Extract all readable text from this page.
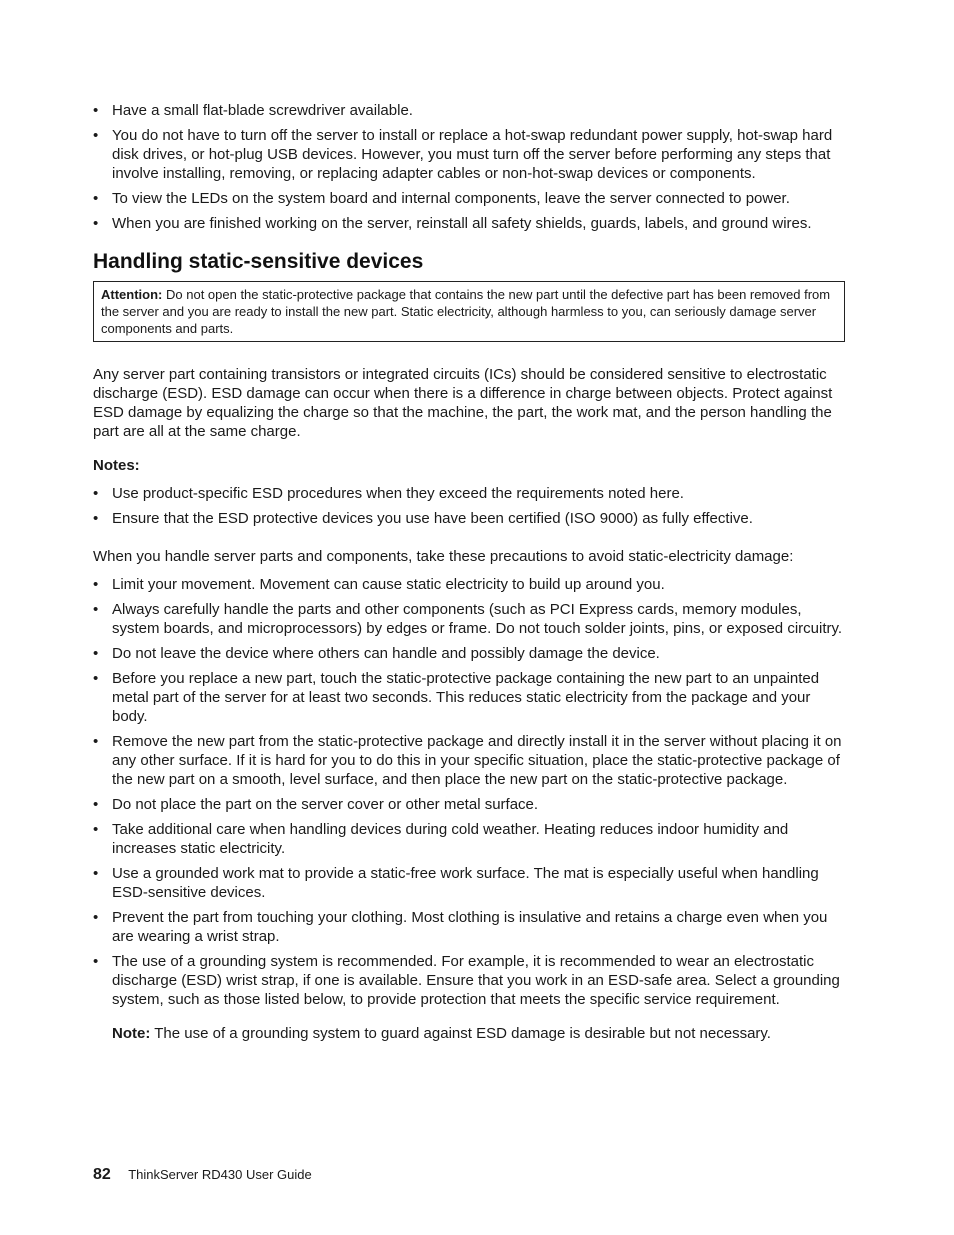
• Have a small flat-blade screwdriver available.
• You do not have to turn off the server to install or replace a hot-swap redundant power supply, hot-swap hard disk drives, or hot-plug USB devices. However, you must turn off the server before performing any steps that involve installing, removing, or replacing adapter cables or non-hot-swap devices or components.
• To view the LEDs on the system board and internal components, leave the server connected to power.
• When you are finished working on the server, reinstall all safety shields, guards, labels, and ground wires.
Handling static-sensitive devices
Attention: Do not open the static-protective package that contains the new part until the defective part has been removed from the server and you are ready to install the new part. Static electricity, although harmless to you, can seriously damage server components and parts.

Any server part containing transistors or integrated circuits (ICs) should be considered sensitive to electrostatic discharge (ESD). ESD damage can occur when there is a difference in charge between objects. Protect against ESD damage by equalizing the charge so that the machine, the part, the work mat, and the person handling the part are all at the same charge.

Notes:
• Use product-specific ESD procedures when they exceed the requirements noted here.
• Ensure that the ESD protective devices you use have been certified (ISO 9000) as fully effective.

When you handle server parts and components, take these precautions to avoid static-electricity damage:

• Limit your movement. Movement can cause static electricity to build up around you.
• Always carefully handle the parts and other components (such as PCI Express cards, memory modules, system boards, and microprocessors) by edges or frame. Do not touch solder joints, pins, or exposed circuitry.
• Do not leave the device where others can handle and possibly damage the device.
• Before you replace a new part, touch the static-protective package containing the new part to an unpainted metal part of the server for at least two seconds. This reduces static electricity from the package and your body.
• Remove the new part from the static-protective package and directly install it in the server without placing it on any other surface. If it is hard for you to do this in your specific situation, place the static-protective package of the new part on a smooth, level surface, and then place the new part on the static-protective package.
• Do not place the part on the server cover or other metal surface.
• Take additional care when handling devices during cold weather. Heating reduces indoor humidity and increases static electricity.
• Use a grounded work mat to provide a static-free work surface. The mat is especially useful when handling ESD-sensitive devices.
• Prevent the part from touching your clothing. Most clothing is insulative and retains a charge even when you are wearing a wrist strap.
• The use of a grounding system is recommended. For example, it is recommended to wear an electrostatic discharge (ESD) wrist strap, if one is available. Ensure that you work in an ESD-safe area. Select a grounding system, such as those listed below, to provide protection that meets the specific service requirement.
Note: The use of a grounding system to guard against ESD damage is desirable but not necessary.
82 ThinkServer RD430 User Guide
